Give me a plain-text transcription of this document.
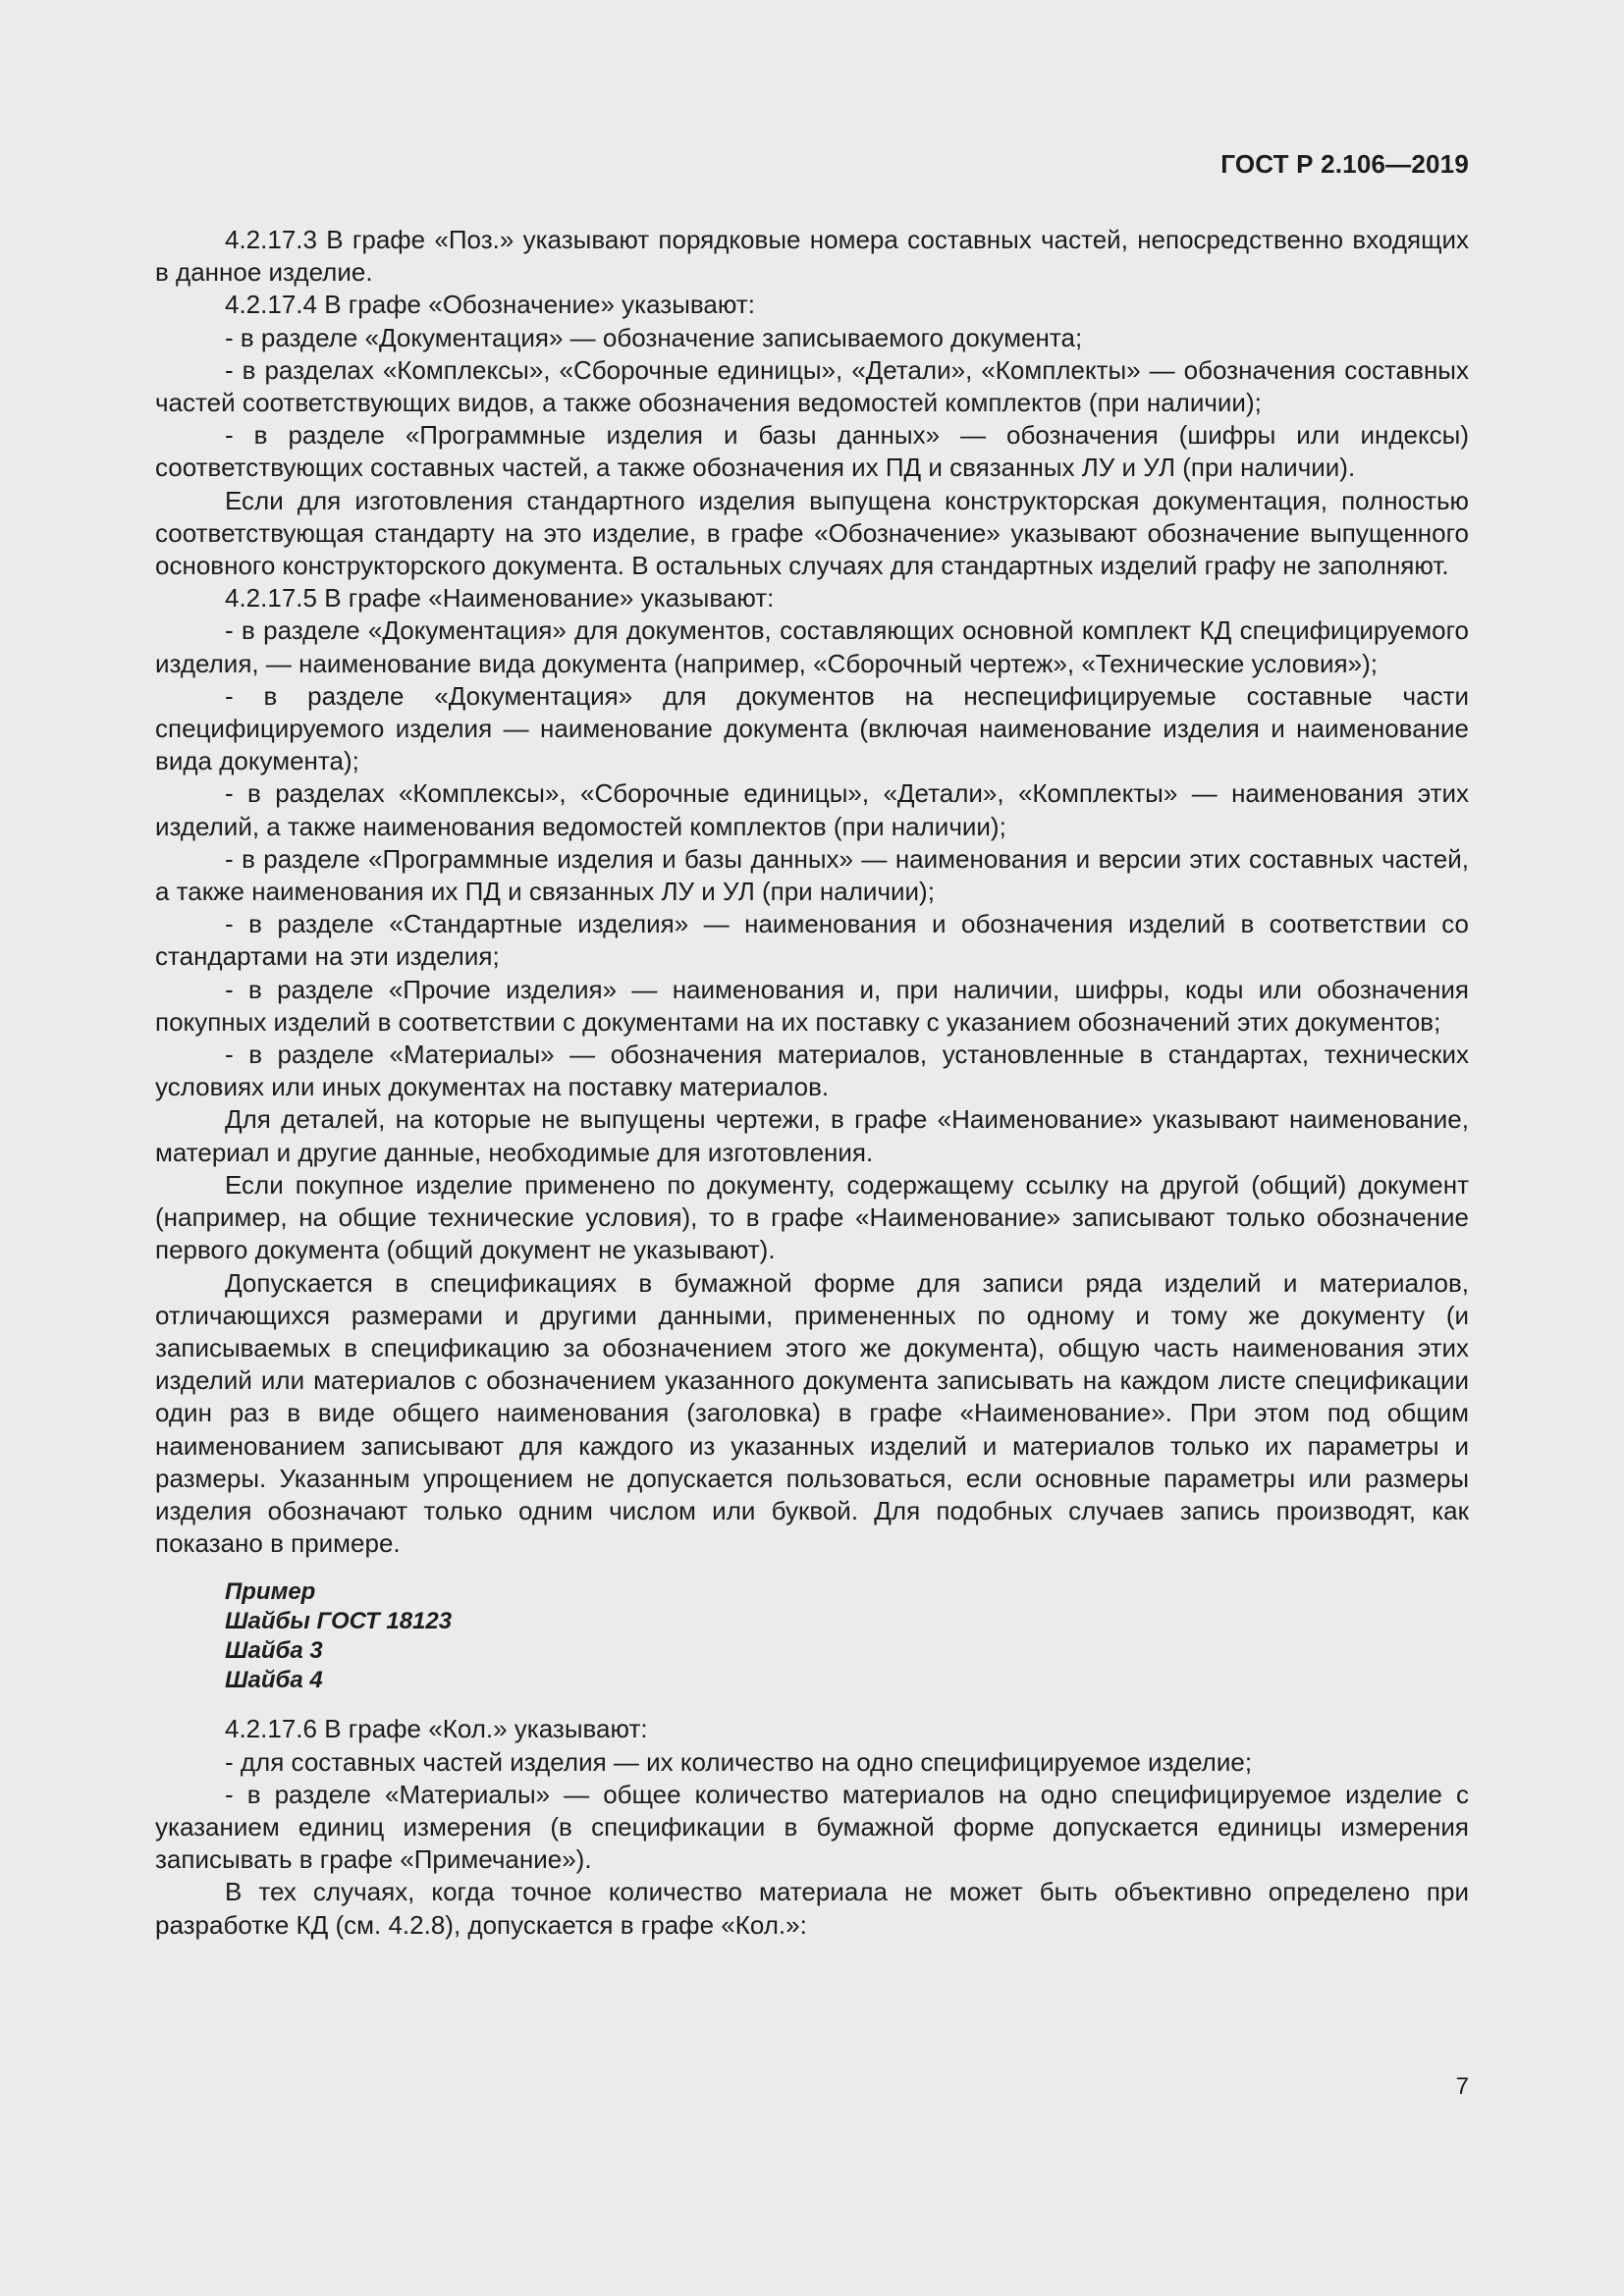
ГОСТ Р 2.106—2019

4.2.17.3 В графе «Поз.» указывают порядковые номера составных частей, непосредственно входящих в данное изделие.

4.2.17.4 В графе «Обозначение» указывают:

- в разделе «Документация» — обозначение записываемого документа;

- в разделах «Комплексы», «Сборочные единицы», «Детали», «Комплекты» — обозначения составных частей соответствующих видов, а также обозначения ведомостей комплектов (при наличии);

- в разделе «Программные изделия и базы данных» — обозначения (шифры или индексы) соответствующих составных частей, а также обозначения их ПД и связанных ЛУ и УЛ (при наличии).

Если для изготовления стандартного изделия выпущена конструкторская документация, полностью соответствующая стандарту на это изделие, в графе «Обозначение» указывают обозначение выпущенного основного конструкторского документа. В остальных случаях для стандартных изделий графу не заполняют.

4.2.17.5 В графе «Наименование» указывают:

- в разделе «Документация» для документов, составляющих основной комплект КД специфицируемого изделия, — наименование вида документа (например, «Сборочный чертеж», «Технические условия»);

- в разделе «Документация» для документов на неспецифицируемые составные части специфицируемого изделия — наименование документа (включая наименование изделия и наименование вида документа);

- в разделах «Комплексы», «Сборочные единицы», «Детали», «Комплекты» — наименования этих изделий, а также наименования ведомостей комплектов (при наличии);

- в разделе «Программные изделия и базы данных» — наименования и версии этих составных частей, а также наименования их ПД и связанных ЛУ и УЛ (при наличии);

- в разделе «Стандартные изделия» — наименования и обозначения изделий в соответствии со стандартами на эти изделия;

- в разделе «Прочие изделия» — наименования и, при наличии, шифры, коды или обозначения покупных изделий в соответствии с документами на их поставку с указанием обозначений этих документов;

- в разделе «Материалы» — обозначения материалов, установленные в стандартах, технических условиях или иных документах на поставку материалов.

Для деталей, на которые не выпущены чертежи, в графе «Наименование» указывают наименование, материал и другие данные, необходимые для изготовления.

Если покупное изделие применено по документу, содержащему ссылку на другой (общий) документ (например, на общие технические условия), то в графе «Наименование» записывают только обозначение первого документа (общий документ не указывают).

Допускается в спецификациях в бумажной форме для записи ряда изделий и материалов, отличающихся размерами и другими данными, примененных по одному и тому же документу (и записываемых в спецификацию за обозначением этого же документа), общую часть наименования этих изделий или материалов с обозначением указанного документа записывать на каждом листе спецификации один раз в виде общего наименования (заголовка) в графе «Наименование». При этом под общим наименованием записывают для каждого из указанных изделий и материалов только их параметры и размеры. Указанным упрощением не допускается пользоваться, если основные параметры или размеры изделия обозначают только одним числом или буквой. Для подобных случаев запись производят, как показано в примере.

Пример
Шайбы ГОСТ 18123
Шайба 3
Шайба 4

4.2.17.6 В графе «Кол.» указывают:

- для составных частей изделия — их количество на одно специфицируемое изделие;

- в разделе «Материалы» — общее количество материалов на одно специфицируемое изделие с указанием единиц измерения (в спецификации в бумажной форме допускается единицы измерения записывать в графе «Примечание»).

В тех случаях, когда точное количество материала не может быть объективно определено при разработке КД (см. 4.2.8), допускается в графе «Кол.»:

7
